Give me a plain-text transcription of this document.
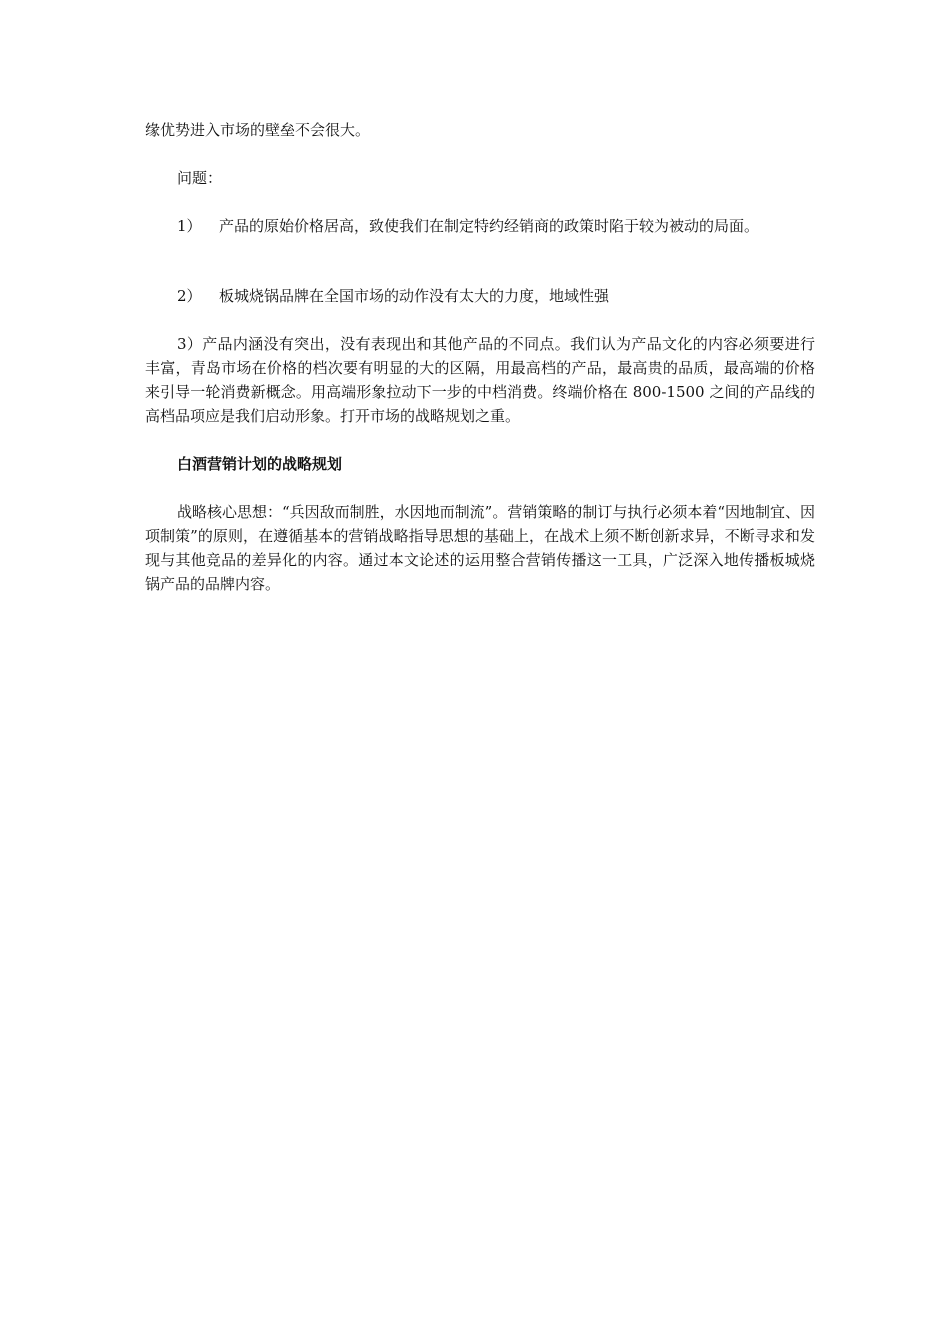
缘优势进入市场的壁垒不会很大。

问题：

1） 产品的原始价格居高，致使我们在制定特约经销商的政策时陷于较为被动的局面。

2） 板城烧锅品牌在全国市场的动作没有太大的力度，地域性强

3）产品内涵没有突出，没有表现出和其他产品的不同点。我们认为产品文化的内容必须要进行丰富，青岛市场在价格的档次要有明显的大的区隔，用最高档的产品，最高贵的品质，最高端的价格来引导一轮消费新概念。用高端形象拉动下一步的中档消费。终端价格在 800-1500 之间的产品线的高档品项应是我们启动形象。打开市场的战略规划之重。

白酒营销计划的战略规划

战略核心思想：“兵因敌而制胜，水因地而制流”。营销策略的制订与执行必须本着“因地制宜、因项制策”的原则，在遵循基本的营销战略指导思想的基础上，在战术上须不断创新求异，不断寻求和发现与其他竞品的差异化的内容。通过本文论述的运用整合营销传播这一工具，广泛深入地传播板城烧锅产品的品牌内容。
